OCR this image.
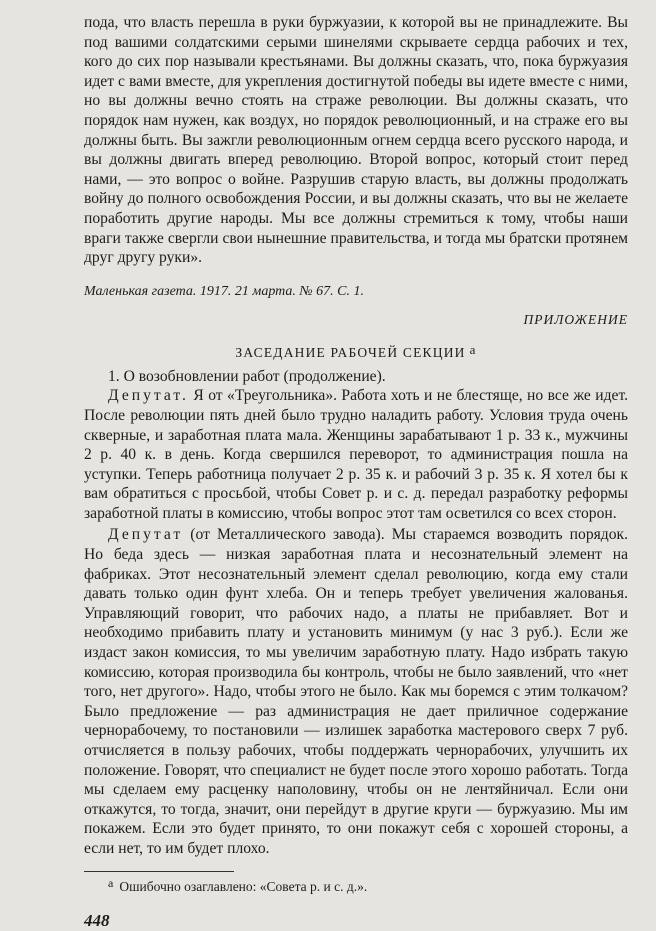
пода, что власть перешла в руки буржуазии, к которой вы не принадлежите. Вы под вашими солдатскими серыми шинелями скрываете сердца рабочих и тех, кого до сих пор называли крестьянами. Вы должны сказать, что, пока буржуазия идет с вами вместе, для укрепления достигнутой победы вы идете вместе с ними, но вы должны вечно стоять на страже революции. Вы должны сказать, что порядок нам нужен, как воздух, но порядок революционный, и на страже его вы должны быть. Вы зажгли революционным огнем сердца всего русского народа, и вы должны двигать вперед революцию. Второй вопрос, который стоит перед нами, — это вопрос о войне. Разрушив старую власть, вы должны продолжать войну до полного освобождения России, и вы должны сказать, что вы не желаете поработить другие народы. Мы все должны стремиться к тому, чтобы наши враги также свергли свои нынешние правительства, и тогда мы братски протянем друг другу руки».

Маленькая газета. 1917. 21 марта. № 67. С. 1.

ПРИЛОЖЕНИЕ

ЗАСЕДАНИЕ РАБОЧЕЙ СЕКЦИИ а

1. О возобновлении работ (продолжение).

Депутат. Я от «Треугольника». Работа хоть и не блестяще, но все же идет. После революции пять дней было трудно наладить работу. Условия труда очень скверные, и заработная плата мала. Женщины зарабатывают 1 р. 33 к., мужчины 2 р. 40 к. в день. Когда свершился переворот, то администрация пошла на уступки. Теперь работница получает 2 р. 35 к. и рабочий 3 р. 35 к. Я хотел бы к вам обратиться с просьбой, чтобы Совет р. и с. д. передал разработку реформы заработной платы в комиссию, чтобы вопрос этот там осветился со всех сторон.

Депутат (от Металлического завода). Мы стараемся возводить порядок. Но беда здесь — низкая заработная плата и несознательный элемент на фабриках. Этот несознательный элемент сделал революцию, когда ему стали давать только один фунт хлеба. Он и теперь требует увеличения жалованья. Управляющий говорит, что рабочих надо, а платы не прибавляет. Вот и необходимо прибавить плату и установить минимум (у нас 3 руб.). Если же издаст закон комиссия, то мы увеличим заработную плату. Надо избрать такую комиссию, которая производила бы контроль, чтобы не было заявлений, что «нет того, нет другого». Надо, чтобы этого не было. Как мы боремся с этим толкачом? Было предложение — раз администрация не дает приличное содержание чернорабочему, то постановили — излишек заработка мастерового сверх 7 руб. отчисляется в пользу рабочих, чтобы поддержать чернорабочих, улучшить их положение. Говорят, что специалист не будет после этого хорошо работать. Тогда мы сделаем ему расценку наполовину, чтобы он не лентяйничал. Если они откажутся, то тогда, значит, они перейдут в другие круги — буржуазию. Мы им покажем. Если это будет принято, то они покажут себя с хорошей стороны, а если нет, то им будет плохо.

а Ошибочно озаглавлено: «Совета р. и с. д.».

448
